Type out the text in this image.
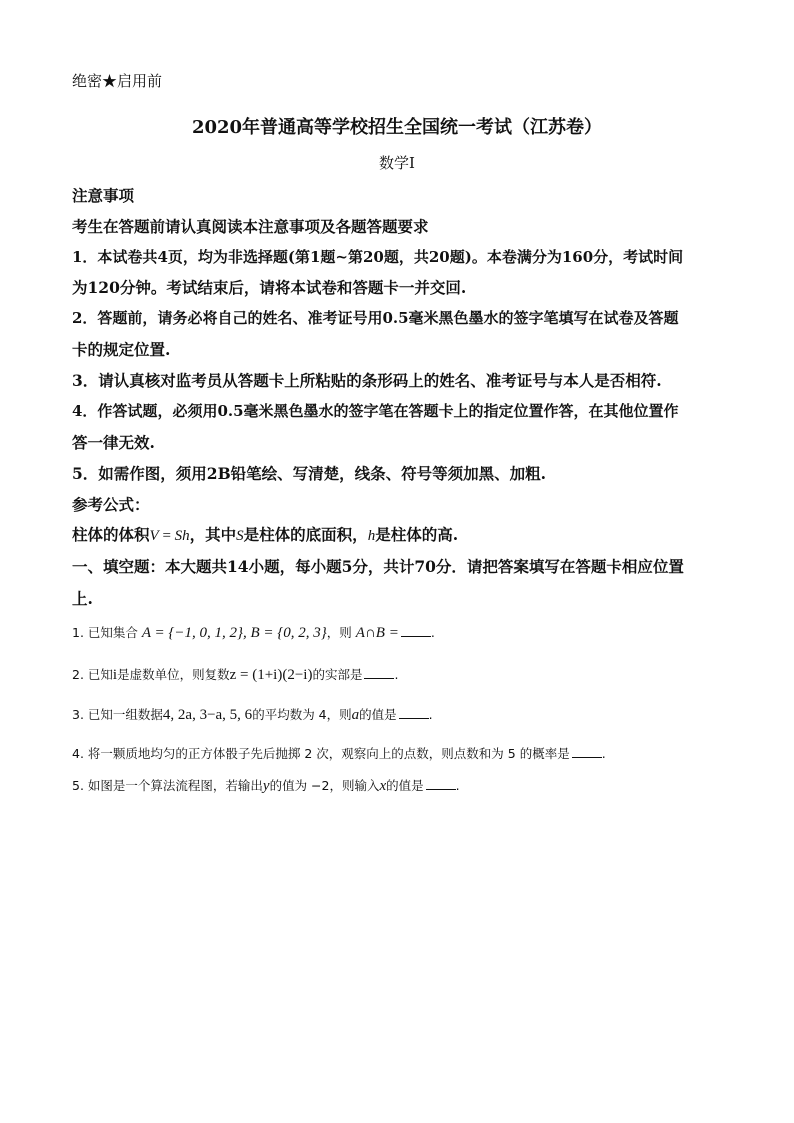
绝密★启用前
2020年普通高等学校招生全国统一考试（江苏卷）
数学Ⅰ
注意事项
考生在答题前请认真阅读本注意事项及各题答题要求
1．本试卷共4页，均为非选择题(第1题~第20题，共20题)。本卷满分为160分，考试时间
为120分钟。考试结束后，请将本试卷和答题卡一并交回.
2．答题前，请务必将自己的姓名、准考证号用0.5毫米黑色墨水的签字笔填写在试卷及答题
卡的规定位置.
3．请认真核对监考员从答题卡上所粘贴的条形码上的姓名、准考证号与本人是否相符.
4．作答试题，必须用0.5毫米黑色墨水的签字笔在答题卡上的指定位置作答，在其他位置作
答一律无效.
5．如需作图，须用2B铅笔绘、写清楚，线条、符号等须加黑、加粗.
参考公式：
柱体的体积V = Sh，其中S是柱体的底面积，h是柱体的高.
一、填空题：本大题共14小题，每小题5分，共计70分．请把答案填写在答题卡相应位置
上.
1. 已知集合 A = {−1, 0, 1, 2}, B = {0, 2, 3}，则 A∩B =	.
2. 已知i是虚数单位，则复数z = (1+i)(2−i)的实部是	.
3. 已知一组数据4, 2a, 3−a, 5, 6的平均数为 4，则a的值是	.
4. 将一颗质地均匀的正方体骰子先后抛掷 2 次，观察向上的点数，则点数和为 5 的概率是	.
5. 如图是一个算法流程图，若输出y的值为 −2，则输入x的值是	.
